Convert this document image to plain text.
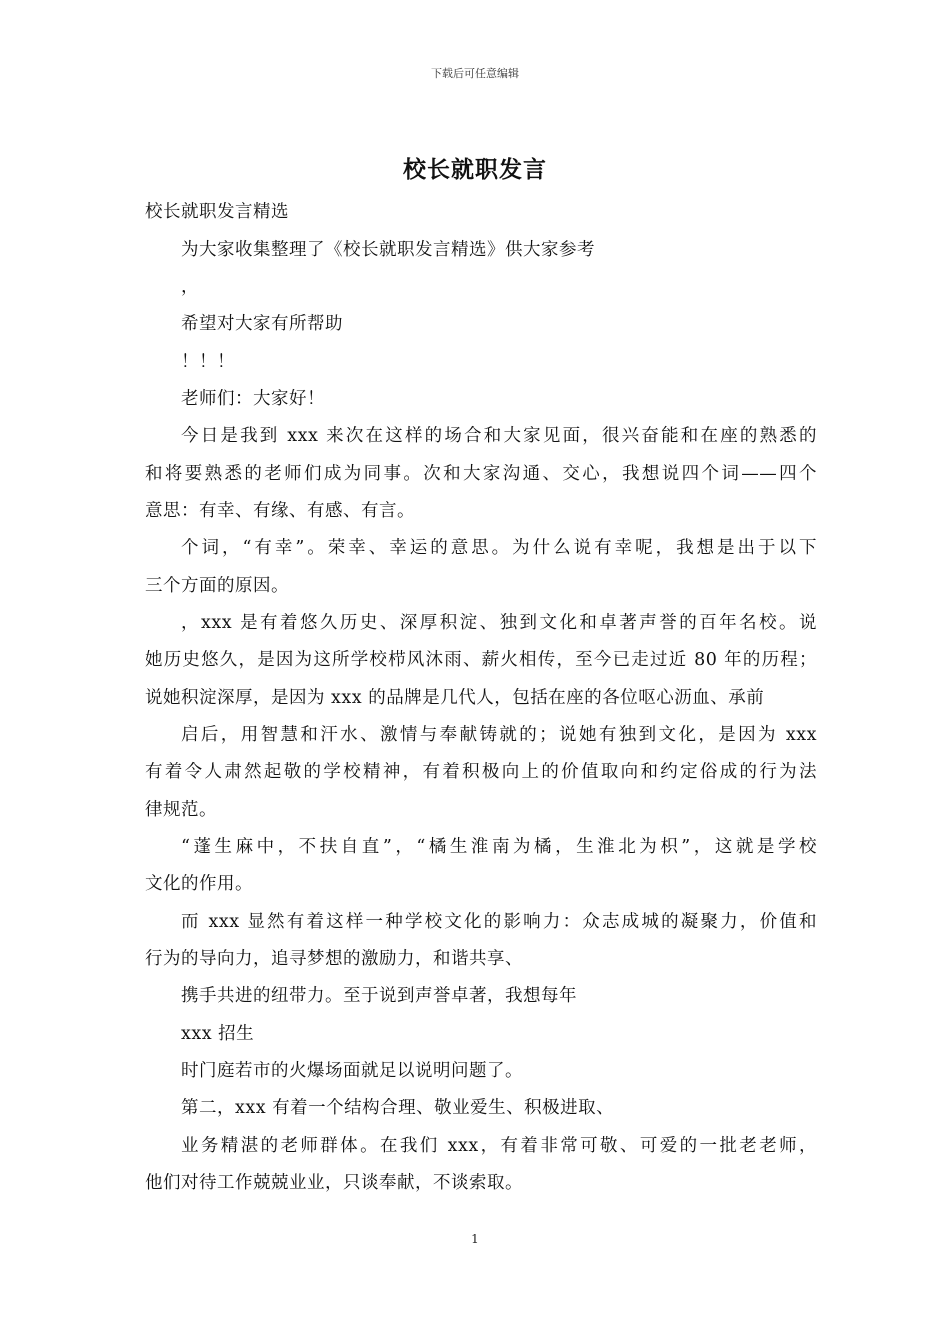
下载后可任意编辑
校长就职发言
校长就职发言精选
为大家收集整理了《校长就职发言精选》供大家参考
，
希望对大家有所帮助
！！！
老师们：大家好！
今日是我到 xxx 来次在这样的场合和大家见面，很兴奋能和在座的熟悉的
和将要熟悉的老师们成为同事。次和大家沟通、交心，我想说四个词——四个
意思：有幸、有缘、有感、有言。
个词，“有幸”。荣幸、幸运的意思。为什么说有幸呢，我想是出于以下
三个方面的原因。
，xxx 是有着悠久历史、深厚积淀、独到文化和卓著声誉的百年名校。说
她历史悠久，是因为这所学校栉风沐雨、薪火相传，至今已走过近 80 年的历程；
说她积淀深厚，是因为 xxx 的品牌是几代人，包括在座的各位呕心沥血、承前
启后，用智慧和汗水、激情与奉献铸就的；说她有独到文化，是因为 xxx
有着令人肃然起敬的学校精神，有着积极向上的价值取向和约定俗成的行为法
律规范。
“蓬生麻中，不扶自直”，“橘生淮南为橘，生淮北为枳”，这就是学校
文化的作用。
而 xxx 显然有着这样一种学校文化的影响力：众志成城的凝聚力，价值和
行为的导向力，追寻梦想的激励力，和谐共享、
携手共进的纽带力。至于说到声誉卓著，我想每年
xxx 招生
时门庭若市的火爆场面就足以说明问题了。
第二，xxx 有着一个结构合理、敬业爱生、积极进取、
业务精湛的老师群体。在我们 xxx，有着非常可敬、可爱的一批老老师，
他们对待工作兢兢业业，只谈奉献，不谈索取。
1
